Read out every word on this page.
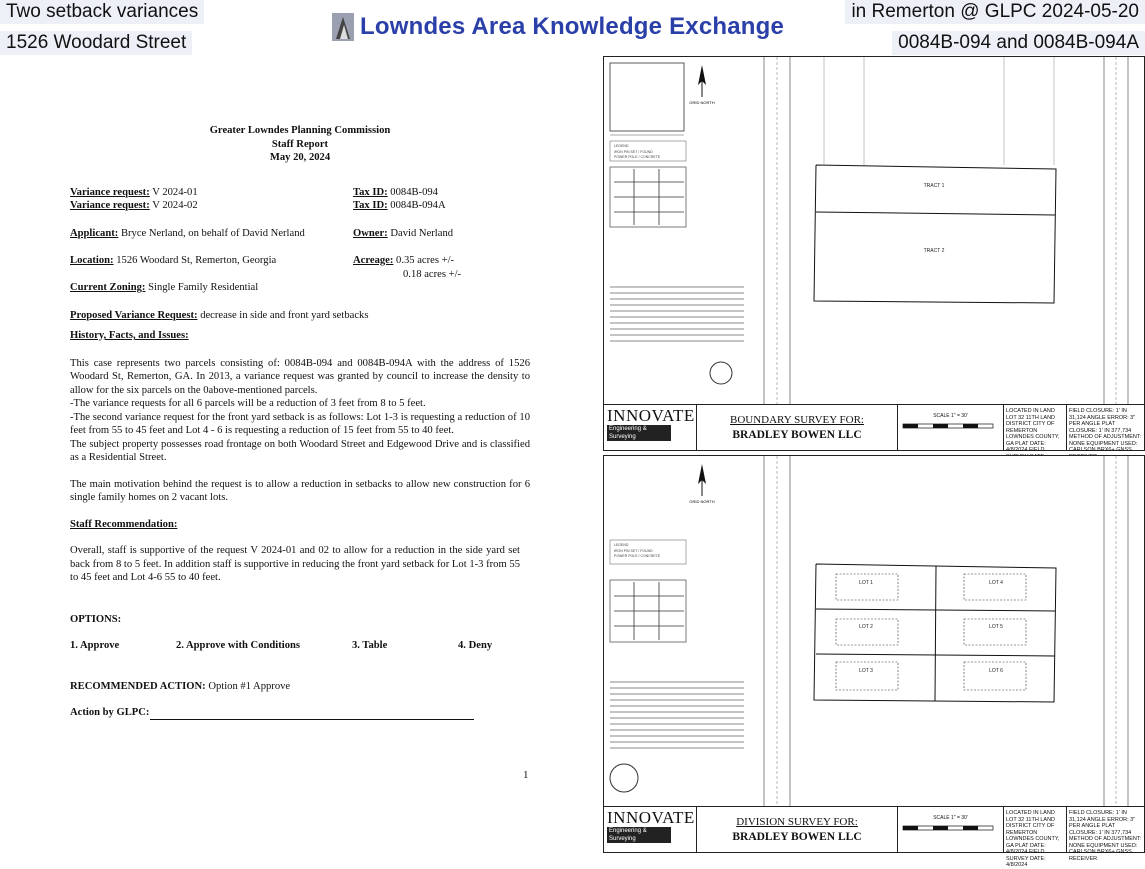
Two setback variances
1526 Woodard Street
in Remerton @ GLPC 2024-05-20
0084B-094 and 0084B-094A
Lowndes Area Knowledge Exchange
Greater Lowndes Planning Commission
Staff Report
May 20, 2024
Variance request: V 2024-01	Tax ID: 0084B-094
Variance request: V 2024-02	Tax ID: 0084B-094A
Applicant: Bryce Nerland, on behalf of David Nerland	Owner: David Nerland
Location: 1526 Woodard St, Remerton, Georgia	Acreage: 0.35 acres +/-
0.18 acres +/-
Current Zoning: Single Family Residential
Proposed Variance Request: decrease in side and front yard setbacks
History, Facts, and Issues:

This case represents two parcels consisting of: 0084B-094 and 0084B-094A with the address of 1526 Woodard St, Remerton, GA. In 2013, a variance request was granted by council to increase the density to allow for the six parcels on the 0above-mentioned parcels.

-The variance requests for all 6 parcels will be a reduction of 3 feet from 8 to 5 feet.

-The second variance request for the front yard setback is as follows: Lot 1-3 is requesting a reduction of 10 feet from 55 to 45 feet and Lot 4 - 6 is requesting a reduction of 15 feet from 55 to 40 feet.

The subject property possesses road frontage on both Woodard Street and Edgewood Drive and is classified as a Residential Street.

The main motivation behind the request is to allow a reduction in setbacks to allow new construction for 6 single family homes on 2 vacant lots.

Staff Recommendation:

Overall, staff is supportive of the request V 2024-01 and 02 to allow for a reduction in the side yard set back from 8 to 5 feet. In addition staff is supportive in reducing the front yard setback for Lot 1-3 from 55 to 45 feet and Lot 4-6 55 to 40 feet.

OPTIONS:
1. Approve	2. Approve with Conditions	3. Table	4. Deny
RECOMMENDED ACTION: Option #1 Approve
Action by GLPC:
1
GRID NORTH
LEGEND
IRON PIN SET / FOUND
POWER POLE / CONCRETE
TRACT 1
TRACT 2
INNOVATE
Engineering & Surveying
BOUNDARY SURVEY FOR:
BRADLEY BOWEN LLC
SCALE 1" = 30'
LOCATED IN LAND LOT 32 11TH LAND DISTRICT CITY OF REMERTON LOWNDES COUNTY, GA PLAT DATE: 4/8/2024 FIELD
FIELD CLOSURE: 1' IN 31,124 ANGLE ERROR: 3" PER ANGLE PLAT CLOSURE: 1' IN 377,734 METHOD OF ADJUSTMENT: NONE EQUIPMENT USED: CARLSON BRX6+ GNSS
GRID NORTH
LEGEND
IRON PIN SET / FOUND
POWER POLE / CONCRETE
LOT 1
LOT 2
LOT 3
LOT 4
LOT 5
LOT 6
INNOVATE
Engineering & Surveying
DIVISION SURVEY FOR:
BRADLEY BOWEN LLC
SCALE 1" = 30'
LOCATED IN LAND LOT 32 11TH LAND DISTRICT CITY OF REMERTON LOWNDES COUNTY, GA PLAT DATE: 4/8/2024 FIELD SURVEY DATE: 4/8/2024
FIELD CLOSURE: 1' IN 31,124 ANGLE ERROR: 3" PER ANGLE PLAT CLOSURE: 1' IN 377,734 METHOD OF ADJUSTMENT: NONE EQUIPMENT USED: CARLSON BRX6+ GNSS RECEIVER
